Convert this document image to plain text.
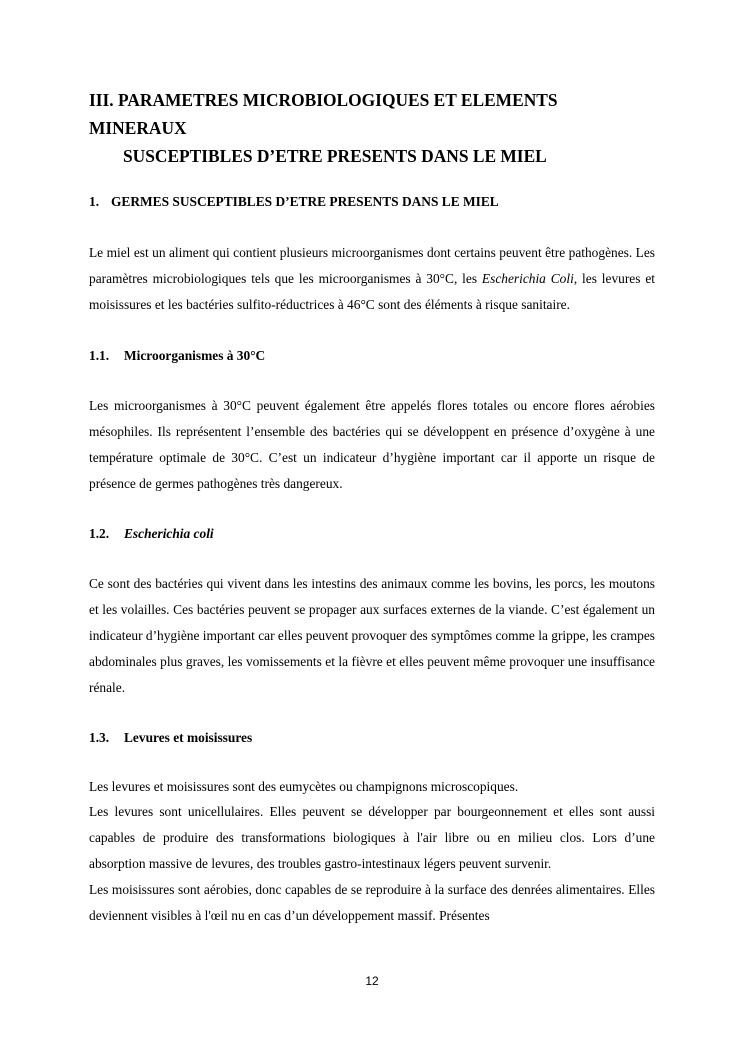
III. PARAMETRES MICROBIOLOGIQUES ET ELEMENTS MINERAUX
SUSCEPTIBLES D’ETRE PRESENTS DANS LE MIEL
1. GERMES SUSCEPTIBLES D’ETRE PRESENTS DANS LE MIEL

Le miel est un aliment qui contient plusieurs microorganismes dont certains peuvent être pathogènes. Les paramètres microbiologiques tels que les microorganismes à 30°C, les Escherichia Coli, les levures et moisissures et les bactéries sulfito-réductrices à 46°C sont des éléments à risque sanitaire.

1.1. Microorganismes à 30°C

Les microorganismes à 30°C peuvent également être appelés flores totales ou encore flores aérobies mésophiles. Ils représentent l’ensemble des bactéries qui se développent en présence d’oxygène à une température optimale de 30°C. C’est un indicateur d’hygiène important car il apporte un risque de présence de germes pathogènes très dangereux.

1.2. Escherichia coli

Ce sont des bactéries qui vivent dans les intestins des animaux comme les bovins, les porcs, les moutons et les volailles. Ces bactéries peuvent se propager aux surfaces externes de la viande. C’est également un indicateur d’hygiène important car elles peuvent provoquer des symptômes comme la grippe, les crampes abdominales plus graves, les vomissements et la fièvre et elles peuvent même provoquer une insuffisance rénale.

1.3. Levures et moisissures

Les levures et moisissures sont des eumycètes ou champignons microscopiques.

Les levures sont unicellulaires. Elles peuvent se développer par bourgeonnement et elles sont aussi capables de produire des transformations biologiques à l'air libre ou en milieu clos. Lors d’une absorption massive de levures, des troubles gastro-intestinaux légers peuvent survenir.

Les moisissures sont aérobies, donc capables de se reproduire à la surface des denrées alimentaires. Elles deviennent visibles à l'œil nu en cas d’un développement massif. Présentes

12
